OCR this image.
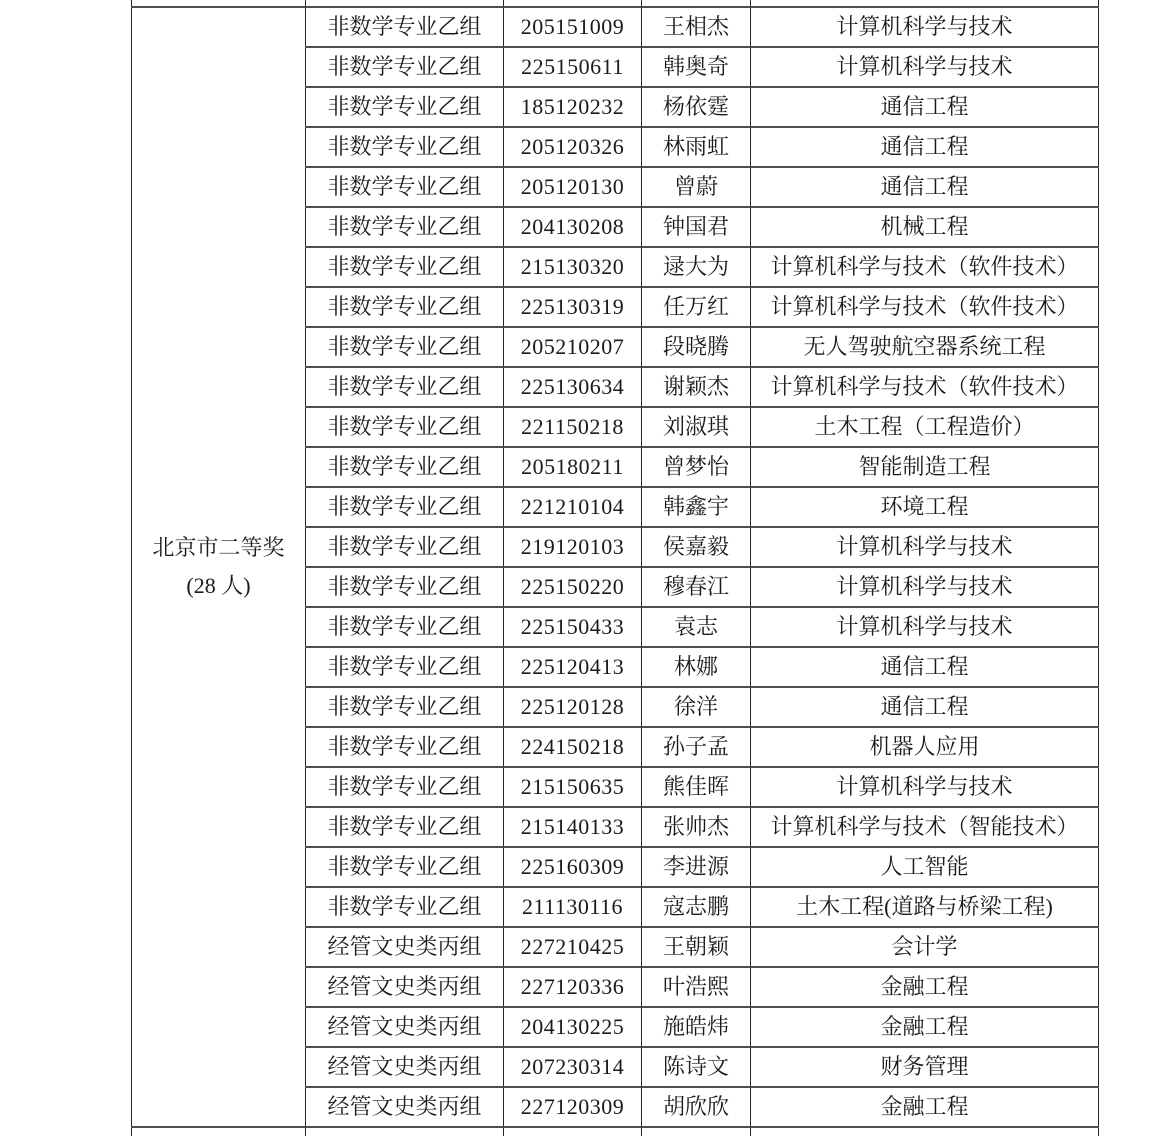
北京市二等奖
(28 人)	非数学专业乙组	205151009	王相杰	计算机科学与技术
	非数学专业乙组	225150611	韩奥奇	计算机科学与技术
	非数学专业乙组	185120232	杨依霆	通信工程
	非数学专业乙组	205120326	林雨虹	通信工程
	非数学专业乙组	205120130	曾蔚	通信工程
	非数学专业乙组	204130208	钟国君	机械工程
	非数学专业乙组	215130320	逯大为	计算机科学与技术（软件技术）
	非数学专业乙组	225130319	任万红	计算机科学与技术（软件技术）
	非数学专业乙组	205210207	段晓腾	无人驾驶航空器系统工程
	非数学专业乙组	225130634	谢颖杰	计算机科学与技术（软件技术）
	非数学专业乙组	221150218	刘淑琪	土木工程（工程造价）
	非数学专业乙组	205180211	曾梦怡	智能制造工程
	非数学专业乙组	221210104	韩鑫宇	环境工程
	非数学专业乙组	219120103	侯嘉毅	计算机科学与技术
	非数学专业乙组	225150220	穆春江	计算机科学与技术
	非数学专业乙组	225150433	袁志	计算机科学与技术
	非数学专业乙组	225120413	林娜	通信工程
	非数学专业乙组	225120128	徐洋	通信工程
	非数学专业乙组	224150218	孙子孟	机器人应用
	非数学专业乙组	215150635	熊佳晖	计算机科学与技术
	非数学专业乙组	215140133	张帅杰	计算机科学与技术（智能技术）
	非数学专业乙组	225160309	李进源	人工智能
	非数学专业乙组	211130116	寇志鹏	土木工程(道路与桥梁工程)
	经管文史类丙组	227210425	王朝颖	会计学
	经管文史类丙组	227120336	叶浩熙	金融工程
	经管文史类丙组	204130225	施皓炜	金融工程
	经管文史类丙组	207230314	陈诗文	财务管理
	经管文史类丙组	227120309	胡欣欣	金融工程
